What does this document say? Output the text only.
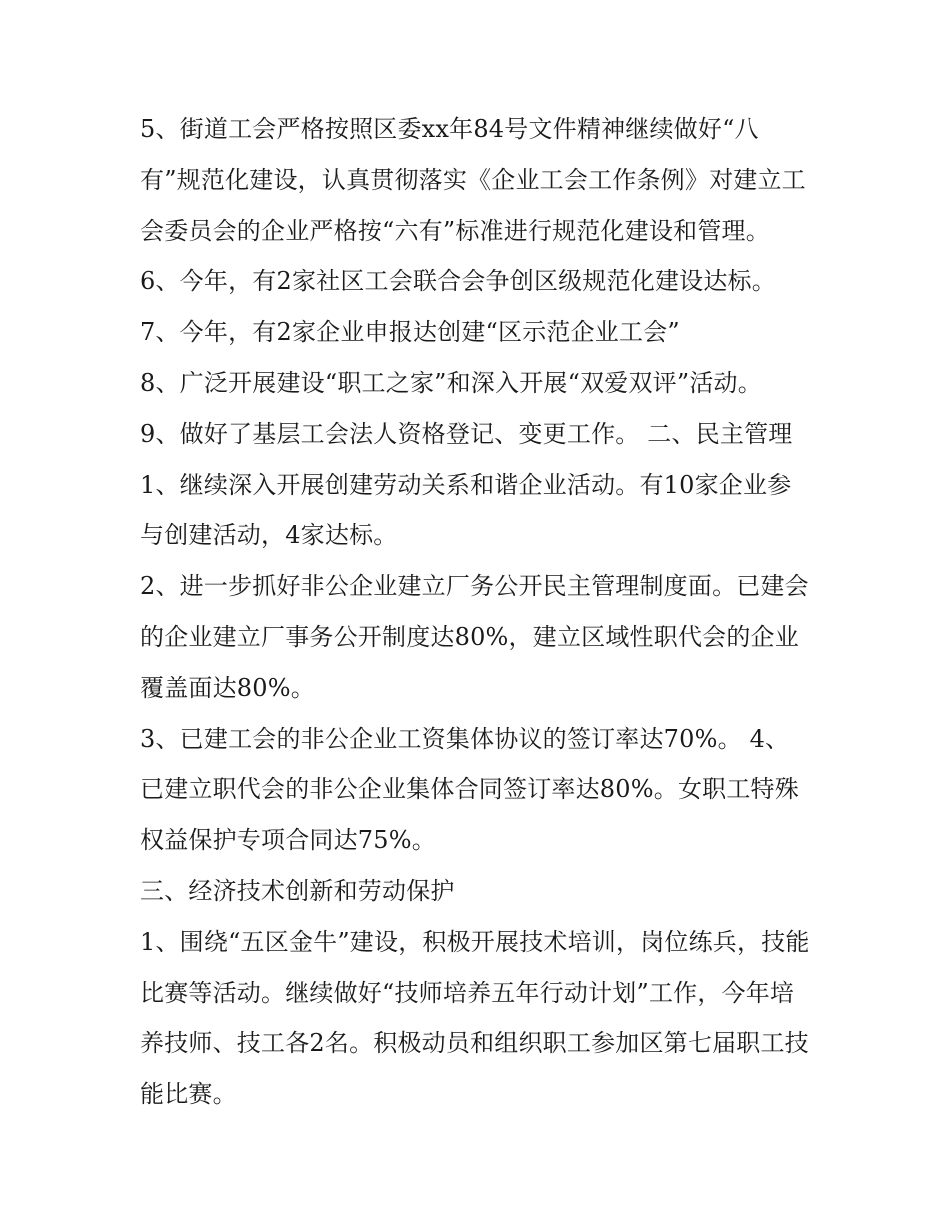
5、街道工会严格按照区委xx年84号文件精神继续做好“八有”规范化建设，认真贯彻落实《企业工会工作条例》对建立工会委员会的企业严格按“六有”标准进行规范化建设和管理。

6、今年，有2家社区工会联合会争创区级规范化建设达标。

7、今年，有2家企业申报达创建“区示范企业工会”

8、广泛开展建设“职工之家”和深入开展“双爱双评”活动。

9、做好了基层工会法人资格登记、变更工作。 二、民主管理

1、继续深入开展创建劳动关系和谐企业活动。有10家企业参与创建活动，4家达标。

2、进一步抓好非公企业建立厂务公开民主管理制度面。已建会的企业建立厂事务公开制度达80%，建立区域性职代会的企业覆盖面达80%。

3、已建工会的非公企业工资集体协议的签订率达70%。 4、已建立职代会的非公企业集体合同签订率达80%。女职工特殊权益保护专项合同达75%。

三、经济技术创新和劳动保护

1、围绕“五区金牛”建设，积极开展技术培训，岗位练兵，技能比赛等活动。继续做好“技师培养五年行动计划”工作，今年培养技师、技工各2名。积极动员和组织职工参加区第七届职工技能比赛。
